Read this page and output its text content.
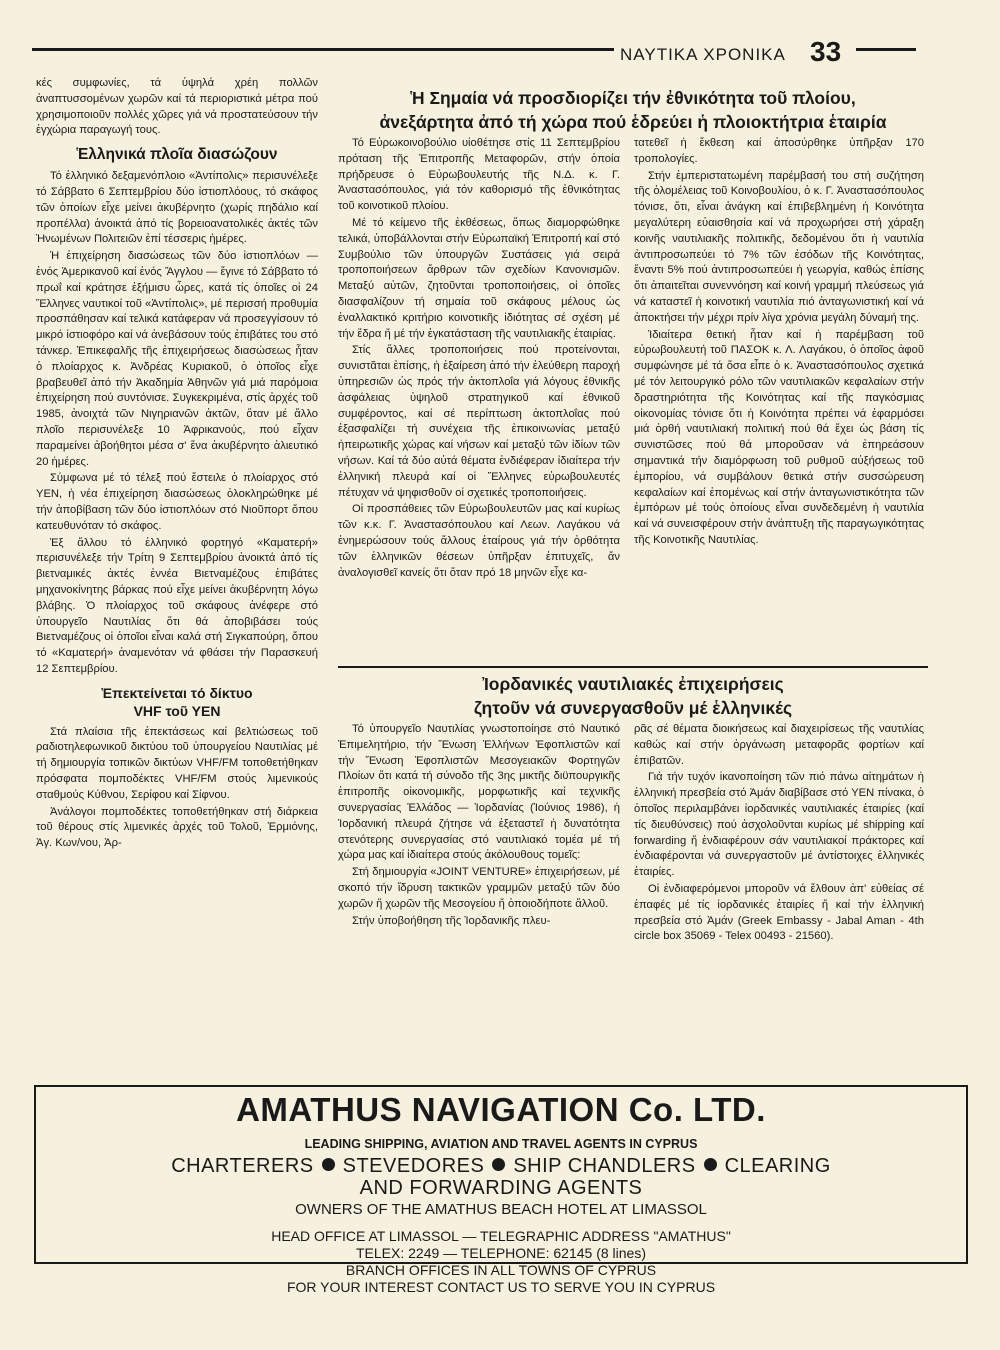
ΝΑΥΤΙΚΑ ΧΡΟΝΙΚΑ 33

κές συμφωνίες, τά ὑψηλά χρέη πολλῶν ἀναπτυσσομένων χωρῶν καί τά περιοριστικά μέτρα πού χρησιμοποιοῦν πολλές χῶρες γιά νά προστατεύσουν τήν ἐγχώρια παραγωγή τους.

Ἑλληνικά πλοῖα διασώζουν

Τό ἑλληνικό δεξαμενόπλοιο «Ἀντίπολις» περισυνέλεξε τό Σάββατο 6 Σεπτεμβρίου δύο ἰστιοπλόους, τό σκάφος τῶν ὁποίων εἶχε μείνει ἀκυβέρνητο (χωρίς πηδάλιο καί προπέλλα) ἀνοικτά ἀπό τίς βορειοανατολικές ἀκτές τῶν Ἡνωμένων Πολιτειῶν ἐπί τέσσερις ἡμέρες.

Ἡ ἐπιχείρηση διασώσεως τῶν δύο ἰστιοπλόων — ἑνός Ἀμερικανοῦ καί ἑνός Ἄγγλου — ἔγινε τό Σάββατο τό πρωΐ καί κράτησε ἐξήμισυ ὧρες, κατά τίς ὁποῖες οἱ 24 Ἕλληνες ναυτικοί τοῦ «Ἀντίπολις», μέ περισσή προθυμία προσπάθησαν καί τελικά κατάφεραν νά προσεγγίσουν τό μικρό ἰστιοφόρο καί νά ἀνεβάσουν τούς ἐπιβάτες του στό τάνκερ. Ἐπικεφαλῆς τῆς ἐπιχειρήσεως διασώσεως ἦταν ὁ πλοίαρχος κ. Ἀνδρέας Κυριακοῦ, ὁ ὁποῖος εἶχε βραβευθεῖ ἀπό τήν Ἀκαδημία Ἀθηνῶν γιά μιά παρόμοια ἐπιχείρηση πού συντόνισε. Συγκεκριμένα, στίς ἀρχές τοῦ 1985, ἀνοιχτά τῶν Νιγηριανῶν ἀκτῶν, ὅταν μέ ἄλλο πλοῖο περισυνέλεξε 10 Ἀφρικανούς, πού εἶχαν παραμείνει ἀβοήθητοι μέσα σ' ἕνα ἀκυβέρνητο ἁλιευτικό 20 ἡμέρες.

Σύμφωνα μέ τό τέλεξ πού ἔστειλε ὁ πλοίαρχος στό ΥΕΝ, ἡ νέα ἐπιχείρηση διασώσεως ὁλοκληρώθηκε μέ τήν ἀποβίβαση τῶν δύο ἰστιοπλόων στό Νιοῦπορτ ὅπου κατευθυνόταν τό σκάφος.

Ἐξ ἄλλου τό ἑλληνικό φορτηγό «Καματερή» περισυνέλεξε τήν Τρίτη 9 Σεπτεμβρίου ἀνοικτά ἀπό τίς βιετναμικές ἀκτές ἐννέα Βιετναμέζους ἐπιβάτες μηχανοκίνητης βάρκας πού εἶχε μείνει ἀκυβέρνητη λόγω βλάβης. Ὁ πλοίαρχος τοῦ σκάφους ἀνέφερε στό ὑπουργεῖο Ναυτιλίας ὅτι θά ἀποβιβάσει τούς Βιετναμέζους οἱ ὁποῖοι εἶναι καλά στή Σιγκαπούρη, ὅπου τό «Καματερή» ἀναμενόταν νά φθάσει τήν Παρασκευή 12 Σεπτεμβρίου.

Ἐπεκτείνεται τό δίκτυο
VHF τοῦ ΥΕΝ

Στά πλαίσια τῆς ἐπεκτάσεως καί βελτιώσεως τοῦ ραδιοτηλεφωνικοῦ δικτύου τοῦ ὑπουργείου Ναυτιλίας μέ τή δημιουργία τοπικῶν δικτύων VHF/FM τοποθετήθηκαν πρόσφατα πομποδέκτες VHF/FM στούς λιμενικούς σταθμούς Κύθνου, Σερίφου καί Σίφνου.

Ἀνάλογοι πομποδέκτες τοποθετήθηκαν στή διάρκεια τοῦ θέρους στίς λιμενικές ἀρχές τοῦ Τολοῦ, Ἑρμιόνης, Ἁγ. Κων/νου, Ἀρ-

Ἡ Σημαία νά προσδιορίζει τήν ἐθνικότητα τοῦ πλοίου,
ἀνεξάρτητα ἀπό τή χώρα πού ἑδρεύει ἡ πλοιοκτήτρια ἑταιρία

Τό Εὐρωκοινοβούλιο υἱοθέτησε στίς 11 Σεπτεμβρίου πρόταση τῆς Ἐπιτροπῆς Μεταφορῶν, στήν ὁποία πρήδρευσε ὁ Εὐρωβουλευτής τῆς Ν.Δ. κ. Γ. Ἀναστασόπουλος, γιά τόν καθορισμό τῆς ἐθνικότητας τοῦ κοινοτικοῦ πλοίου.

Μέ τό κείμενο τῆς ἐκθέσεως, ὅπως διαμορφώθηκε τελικά, ὑποβάλλονται στήν Εὐρωπαϊκή Ἐπιτροπή καί στό Συμβούλιο τῶν ὑπουργῶν Συστάσεις γιά σειρά τροποποιήσεων ἄρθρων τῶν σχεδίων Κανονισμῶν. Μεταξύ αὐτῶν, ζητοῦνται τροποποιήσεις, οἱ ὁποῖες διασφαλίζουν τή σημαία τοῦ σκάφους μέλους ὡς ἐναλλακτικό κριτήριο κοινοτικῆς ἰδιότητας σέ σχέση μέ τήν ἕδρα ἤ μέ τήν ἐγκατάσταση τῆς ναυτιλιακῆς ἑταιρίας.

Στίς ἄλλες τροποποιήσεις πού προτείνονται, συνιστᾶται ἐπίσης, ἡ ἐξαίρεση ἀπό τήν ἐλεύθερη παροχή ὑπηρεσιῶν ὡς πρός τήν ἀκτοπλοΐα γιά λόγους ἐθνικῆς ἀσφάλειας ὑψηλοῦ στρατηγικοῦ καί ἐθνικοῦ συμφέροντος, καί σέ περίπτωση ἀκτοπλοΐας πού ἐξασφαλίζει τή συνέχεια τῆς ἐπικοινωνίας μεταξύ ἠπειρωτικῆς χώρας καί νήσων καί μεταξύ τῶν ἰδίων τῶν νήσων. Καί τά δύο αὐτά θέματα ἐνδιέφεραν ἰδιαίτερα τήν ἑλληνική πλευρά καί οἱ Ἕλληνες εὐρωβουλευτές πέτυχαν νά ψηφισθοῦν οἱ σχετικές τροποποιήσεις.

Οἱ προσπάθειες τῶν Εὐρωβουλευτῶν μας καί κυρίως τῶν κ.κ. Γ. Ἀναστασόπουλου καί Λεων. Λαγάκου νά ἐνημερώσουν τούς ἄλλους ἑταίρους γιά τήν ὀρθότητα τῶν ἑλληνικῶν θέσεων ὑπῆρξαν ἐπιτυχεῖς, ἄν ἀναλογισθεῖ κανείς ὅτι ὅταν πρό 18 μηνῶν εἶχε κα-

τατεθεῖ ἡ ἔκθεση καί ἀποσύρθηκε ὑπῆρξαν 170 τροπολογίες.

Στήν ἐμπεριστατωμένη παρέμβασή του στή συζήτηση τῆς ὁλομέλειας τοῦ Κοινοβουλίου, ὁ κ. Γ. Ἀναστασόπουλος τόνισε, ὅτι, εἶναι ἀνάγκη καί ἐπιβεβλημένη ἡ Κοινότητα μεγαλύτερη εὐαισθησία καί νά προχωρήσει στή χάραξη κοινῆς ναυτιλιακῆς πολιτικῆς, δεδομένου ὅτι ἡ ναυτιλία ἀντιπροσωπεύει τό 7% τῶν ἐσόδων τῆς Κοινότητας, ἔναντι 5% πού ἀντιπροσωπεύει ἡ γεωργία, καθώς ἐπίσης ὅτι ἀπαιτεῖται συνεννόηση καί κοινή γραμμή πλεύσεως γιά νά καταστεῖ ἡ κοινοτική ναυτιλία πιό ἀνταγωνιστική καί νά ἀποκτήσει τήν μέχρι πρίν λίγα χρόνια μεγάλη δύναμή της.

Ἰδιαίτερα θετική ἦταν καί ἡ παρέμβαση τοῦ εὐρωβουλευτή τοῦ ΠΑΣΟΚ κ. Λ. Λαγάκου, ὁ ὁποῖος ἀφοῦ συμφώνησε μέ τά ὅσα εἶπε ὁ κ. Ἀναστασόπουλος σχετικά μέ τόν λειτουργικό ρόλο τῶν ναυτιλιακῶν κεφαλαίων στήν δραστηριότητα τῆς Κοινότητας καί τῆς παγκόσμιας οἰκονομίας τόνισε ὅτι ἡ Κοινότητα πρέπει νά ἐφαρμόσει μιά ὀρθή ναυτιλιακή πολιτική πού θά ἔχει ὡς βάση τίς συνιστῶσες πού θά μποροῦσαν νά ἐπηρεάσουν σημαντικά τήν διαμόρφωση τοῦ ρυθμοῦ αὐξήσεως τοῦ ἐμπορίου, νά συμβάλουν θετικά στήν συσσώρευση κεφαλαίων καί ἑπομένως καί στήν ἀνταγωνιστικότητα τῶν ἐμπόρων μέ τούς ὁποίους εἶναι συνδεδεμένη ἡ ναυτιλία καί νά συνεισφέρουν στήν ἀνάπτυξη τῆς παραγωγικότητας τῆς Κοινοτικῆς Ναυτιλίας.

Ἰορδανικές ναυτιλιακές ἐπιχειρήσεις
ζητοῦν νά συνεργασθοῦν μέ ἑλληνικές

Τό ὑπουργεῖο Ναυτιλίας γνωστοποίησε στό Ναυτικό Ἐπιμελητήριο, τήν Ἕνωση Ἑλλήνων Ἐφοπλιστῶν καί τήν Ἕνωση Ἐφοπλιστῶν Μεσογειακῶν Φορτηγῶν Πλοίων ὅτι κατά τή σύνοδο τῆς 3ης μικτῆς διϋπουργικῆς ἐπιτροπῆς οἰκονομικῆς, μορφωτικῆς καί τεχνικῆς συνεργασίας Ἑλλάδος — Ἰορδανίας (Ἰούνιος 1986), ἡ Ἰορδανική πλευρά ζήτησε νά ἐξεταστεῖ ἡ δυνατότητα στενότερης συνεργασίας στό ναυτιλιακό τομέα μέ τή χώρα μας καί ἰδιαίτερα στούς ἀκόλουθους τομεῖς:

Στή δημιουργία «JOINT VENTURE» ἐπιχειρήσεων, μέ σκοπό τήν ἵδρυση τακτικῶν γραμμῶν μεταξύ τῶν δύο χωρῶν ἤ χωρῶν τῆς Μεσογείου ἤ ὁποιοδήποτε ἄλλοῦ.

Στήν ὑποβοήθηση τῆς Ἰορδανικῆς πλευ-

ρᾶς σέ θέματα διοικήσεως καί διαχειρίσεως τῆς ναυτιλίας καθώς καί στήν ὀργάνωση μεταφορᾶς φορτίων καί ἐπιβατῶν.

Γιά τήν τυχόν ἱκανοποίηση τῶν πιό πάνω αἰτημάτων ἡ ἑλληνική πρεσβεία στό Ἀμάν διαβίβασε στό ΥΕΝ πίνακα, ὁ ὁποῖος περιλαμβάνει ἰορδανικές ναυτιλιακές ἑταιρίες (καί τίς διευθύνσεις) πού ἀσχολοῦνται κυρίως μέ shipping καί forwarding ἤ ἐνδιαφέρουν σάν ναυτιλιακοί πράκτορες καί ἐνδιαφέρονται νά συνεργαστοῦν μέ ἀντίστοιχες ἑλληνικές ἑταιρίες.

Οἱ ἐνδιαφερόμενοι μποροῦν νά ἔλθουν ἀπ' εὐθείας σέ ἐπαφές μέ τίς ἰορδανικές ἑταιρίες ἤ καί τήν ἑλληνική πρεσβεία στό Ἀμάν (Greek Embassy - Jabal Aman - 4th circle box 35069 - Telex 00493 - 21560).

AMATHUS NAVIGATION Co. LTD.
LEADING SHIPPING, AVIATION AND TRAVEL AGENTS IN CYPRUS
CHARTERERS STEVEDORES SHIP CHANDLERS CLEARING
AND FORWARDING AGENTS
OWNERS OF THE AMATHUS BEACH HOTEL AT LIMASSOL
HEAD OFFICE AT LIMASSOL — TELEGRAPHIC ADDRESS "AMATHUS"
TELEX: 2249 — TELEPHONE: 62145 (8 lines)
BRANCH OFFICES IN ALL TOWNS OF CYPRUS
FOR YOUR INTEREST CONTACT US TO SERVE YOU IN CYPRUS
